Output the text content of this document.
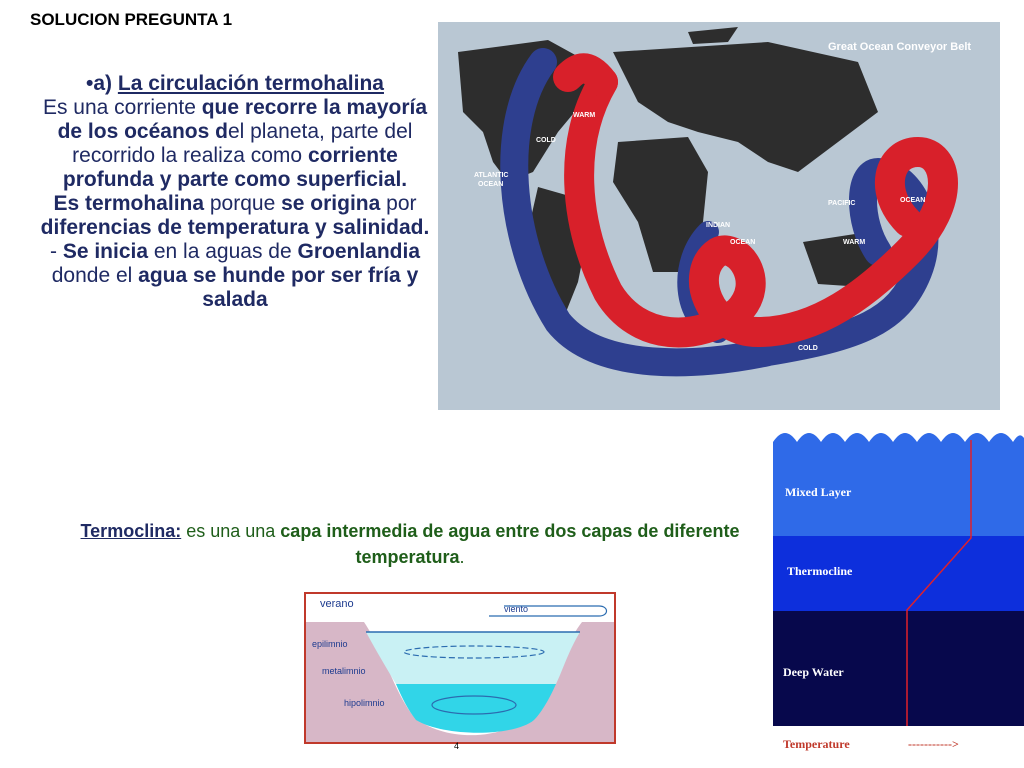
SOLUCION PREGUNTA 1

•a) La circulación termohalina

Es una corriente que recorre la mayoría de los océanos del planeta, parte del recorrido la realiza como corriente profunda y parte como superficial.

Es termohalina porque se origina por diferencias de temperatura y salinidad.

- Se inicia en la aguas de Groenlandia donde el agua se hunde por ser fría y salada

Termoclina: es una una capa intermedia de agua entre dos capas de diferente temperatura.
Great Ocean Conveyor Belt
ATLANTIC
OCEAN
INDIAN
OCEAN
PACIFIC	OCEAN
WARM
COLD
WARM
COLD
verano	viento
epilimnio
metalimnio
hipolimnio
4
Mixed Layer
Thermocline
Deep Water
Temperature	----------->
